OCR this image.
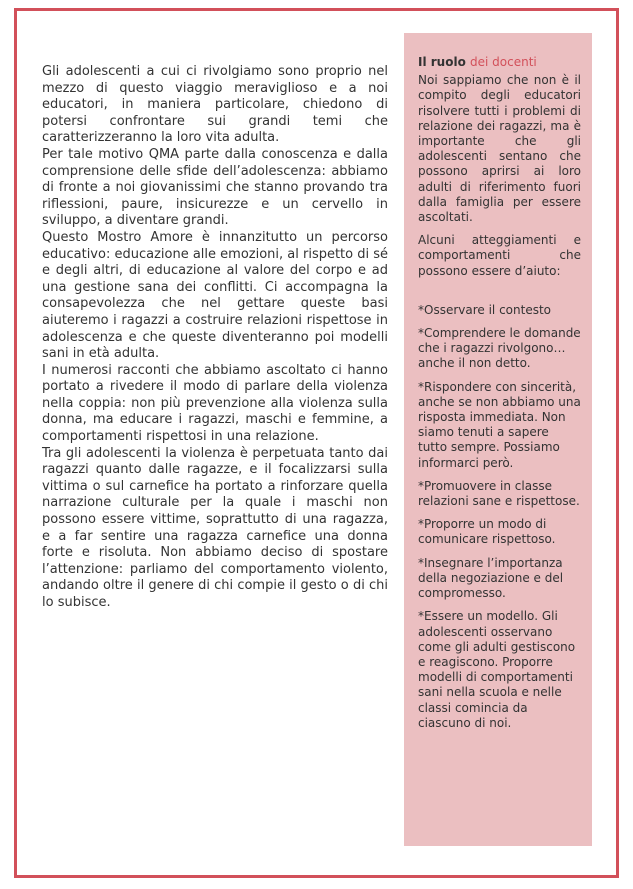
Gli adolescenti a cui ci rivolgiamo sono proprio nel mezzo di questo viaggio meraviglioso e a noi educatori, in maniera particolare, chiedono di potersi confrontare sui grandi temi che caratterizzeranno la loro vita adulta.

Per tale motivo QMA parte dalla conoscenza e dalla comprensione delle sfide dell’adolescenza: abbiamo di fronte a noi giovanissimi che stanno provando tra riflessioni, paure, insicurezze e un cervello in sviluppo, a diventare grandi.

Questo Mostro Amore è innanzitutto un percorso educativo: educazione alle emozioni, al rispetto di sé e degli altri, di educazione al valore del corpo e ad una gestione sana dei conflitti. Ci accompagna la consapevolezza che nel gettare queste basi aiuteremo i ragazzi a costruire relazioni rispettose in adolescenza e che queste diventeranno poi modelli sani in età adulta.

I numerosi racconti che abbiamo ascoltato ci hanno portato a rivedere il modo di parlare della violenza nella coppia: non più prevenzione alla violenza sulla donna, ma educare i ragazzi, maschi e femmine, a comportamenti rispettosi in una relazione.

Tra gli adolescenti la violenza è perpetuata tanto dai ragazzi quanto dalle ragazze, e il focalizzarsi sulla vittima o sul carnefice ha portato a rinforzare quella narrazione culturale per la quale i maschi non possono essere vittime, soprattutto di una ragazza, e a far sentire una ragazza carnefice una donna forte e risoluta. Non abbiamo deciso di spostare l’attenzione: parliamo del comportamento violento, andando oltre il genere di chi compie il gesto o di chi lo subisce.

Il ruolo dei docenti

Noi sappiamo che non è il compito degli educatori risolvere tutti i problemi di relazione dei ragazzi, ma è importante che gli adolescenti sentano che possono aprirsi ai loro adulti di riferimento fuori dalla famiglia per essere ascoltati.

Alcuni atteggiamenti e comportamenti che possono essere d’aiuto:

*Osservare il contesto
*Comprendere le domande che i ragazzi rivolgono… anche il non detto.
*Rispondere con sincerità, anche se non abbiamo una risposta immediata. Non siamo tenuti a sapere tutto sempre. Possiamo informarci però.
*Promuovere in classe relazioni sane e rispettose.
*Proporre un modo di comunicare rispettoso.
*Insegnare l’importanza della negoziazione e del compromesso.
*Essere un modello. Gli adolescenti osservano come gli adulti gestiscono e reagiscono. Proporre modelli di comportamenti sani nella scuola e nelle classi comincia da ciascuno di noi.
